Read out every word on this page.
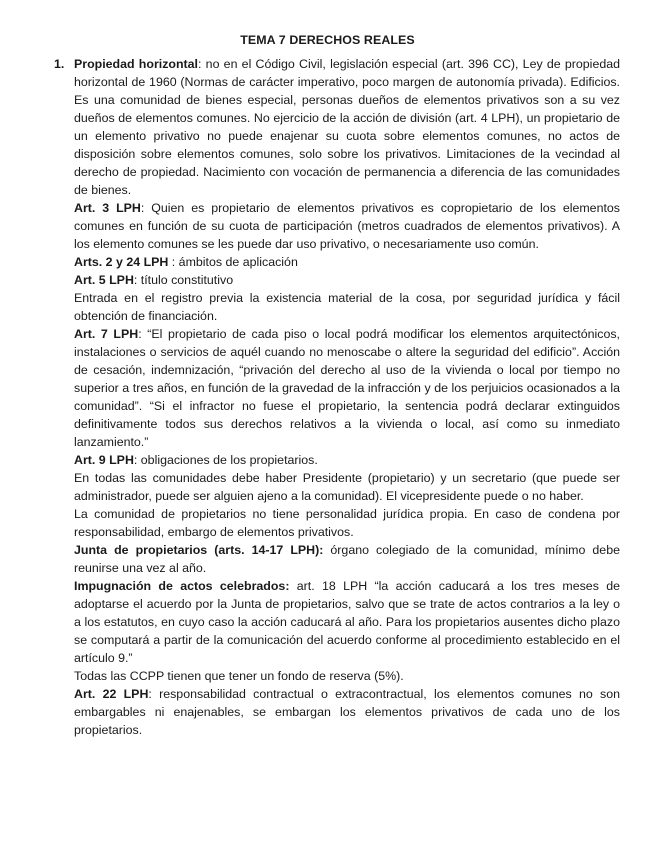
TEMA 7 DERECHOS REALES
1. Propiedad horizontal: no en el Código Civil, legislación especial (art. 396 CC), Ley de propiedad horizontal de 1960 (Normas de carácter imperativo, poco margen de autonomía privada). Edificios. Es una comunidad de bienes especial, personas dueños de elementos privativos son a su vez dueños de elementos comunes. No ejercicio de la acción de división (art. 4 LPH), un propietario de un elemento privativo no puede enajenar su cuota sobre elementos comunes, no actos de disposición sobre elementos comunes, solo sobre los privativos. Limitaciones de la vecindad al derecho de propiedad. Nacimiento con vocación de permanencia a diferencia de las comunidades de bienes.

Art. 3 LPH: Quien es propietario de elementos privativos es copropietario de los elementos comunes en función de su cuota de participación (metros cuadrados de elementos privativos). A los elemento comunes se les puede dar uso privativo, o necesariamente uso común.

Arts. 2 y 24 LPH : ámbitos de aplicación

Art. 5 LPH: título constitutivo

Entrada en el registro previa la existencia material de la cosa, por seguridad jurídica y fácil obtención de financiación.

Art. 7 LPH: “El propietario de cada piso o local podrá modificar los elementos arquitectónicos, instalaciones o servicios de aquél cuando no menoscabe o altere la seguridad del edificio”. Acción de cesación, indemnización, “privación del derecho al uso de la vivienda o local por tiempo no superior a tres años, en función de la gravedad de la infracción y de los perjuicios ocasionados a la comunidad”. “Si el infractor no fuese el propietario, la sentencia podrá declarar extinguidos definitivamente todos sus derechos relativos a la vivienda o local, así como su inmediato lanzamiento.”

Art. 9 LPH: obligaciones de los propietarios.

En todas las comunidades debe haber Presidente (propietario) y un secretario (que puede ser administrador, puede ser alguien ajeno a la comunidad). El vicepresidente puede o no haber.

La comunidad de propietarios no tiene personalidad jurídica propia. En caso de condena por responsabilidad, embargo de elementos privativos.

Junta de propietarios (arts. 14-17 LPH): órgano colegiado de la comunidad, mínimo debe reunirse una vez al año.

Impugnación de actos celebrados: art. 18 LPH “la acción caducará a los tres meses de adoptarse el acuerdo por la Junta de propietarios, salvo que se trate de actos contrarios a la ley o a los estatutos, en cuyo caso la acción caducará al año. Para los propietarios ausentes dicho plazo se computará a partir de la comunicación del acuerdo conforme al procedimiento establecido en el artículo 9.”

Todas las CCPP tienen que tener un fondo de reserva (5%).

Art. 22 LPH: responsabilidad contractual o extracontractual, los elementos comunes no son embargables ni enajenables, se embargan los elementos privativos de cada uno de los propietarios.
